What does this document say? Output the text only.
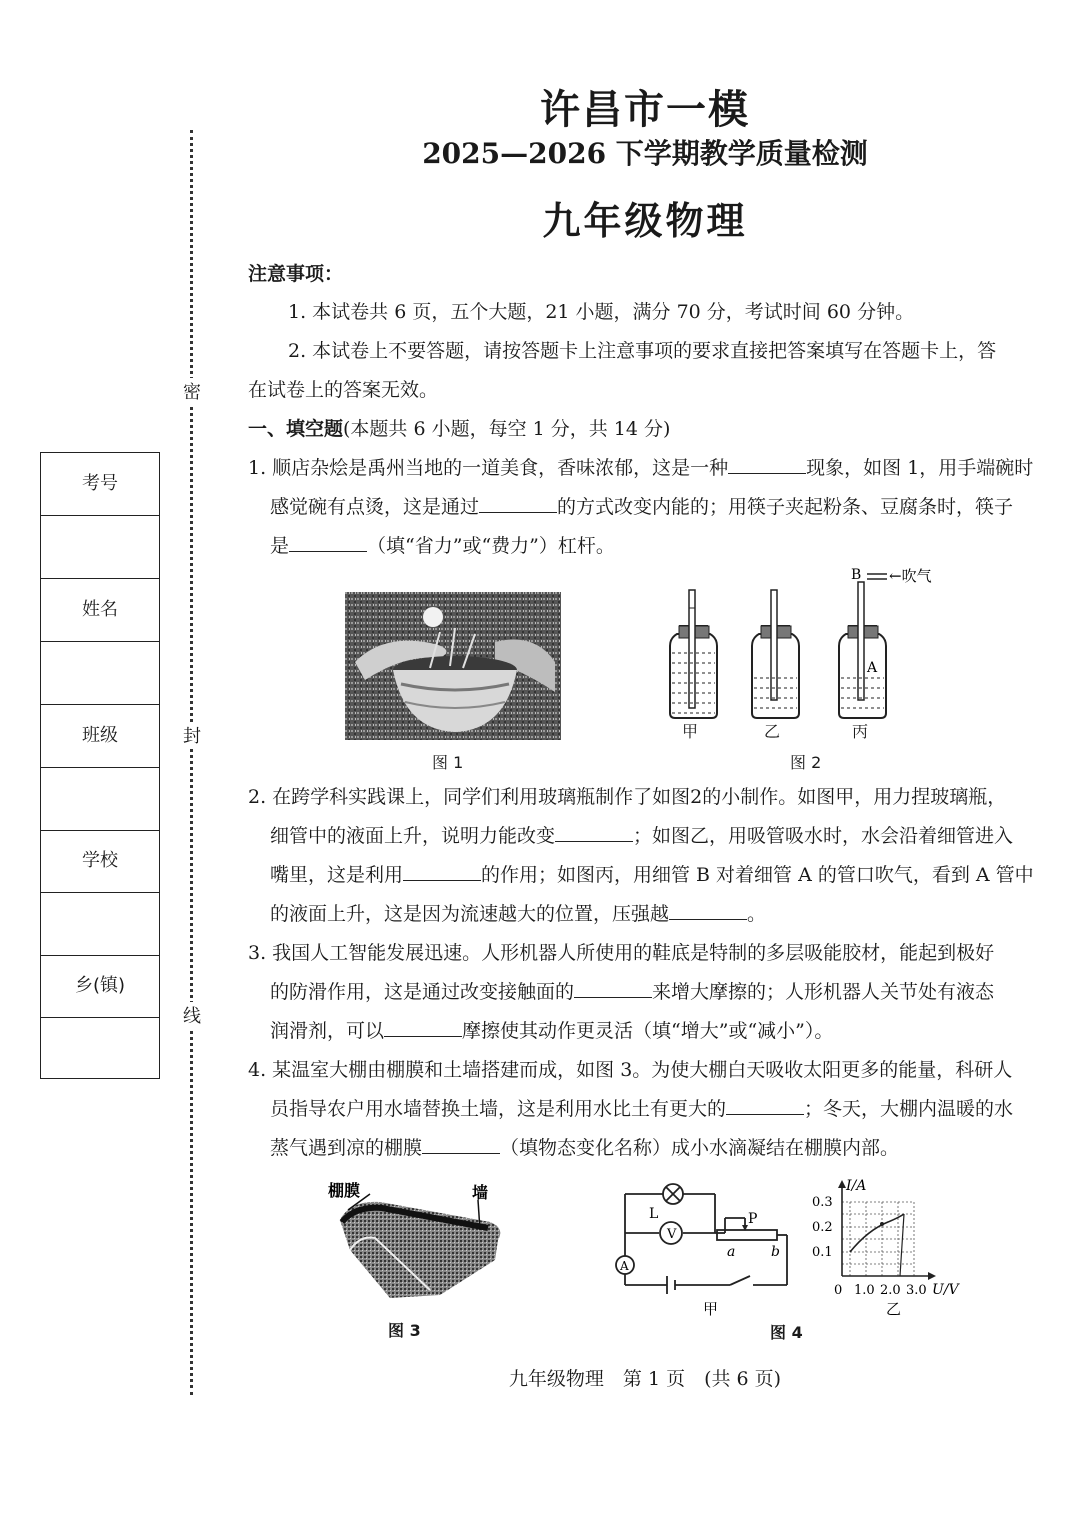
许昌市一模
2025—2026 下学期教学质量检测
九年级物理
密
封
线
考号
姓名
班级
学校
乡(镇)
注意事项：
1. 本试卷共 6 页，五个大题，21 小题，满分 70 分，考试时间 60 分钟。
2. 本试卷上不要答题，请按答题卡上注意事项的要求直接把答案填写在答题卡上，答
在试卷上的答案无效。
一、填空题(本题共 6 小题，每空 1 分，共 14 分)
1. 顺店杂烩是禹州当地的一道美食，香味浓郁，这是一种	现象，如图 1，用手端碗时
感觉碗有点烫，这是通过	的方式改变内能的；用筷子夹起粉条、豆腐条时，筷子
是	（填“省力”或“费力”）杠杆。
图 1
B ←吹气
A
甲	乙	丙
图 2
2. 在跨学科实践课上，同学们利用玻璃瓶制作了如图2的小制作。如图甲，用力捏玻璃瓶，
细管中的液面上升，说明力能改变	；如图乙，用吸管吸水时，水会沿着细管进入
嘴里，这是利用	的作用；如图丙，用细管 B 对着细管 A 的管口吹气，看到 A 管中
的液面上升，这是因为流速越大的位置，压强越	。
3. 我国人工智能发展迅速。人形机器人所使用的鞋底是特制的多层吸能胶材，能起到极好
的防滑作用，这是通过改变接触面的	来增大摩擦的；人形机器人关节处有液态
润滑剂，可以	摩擦使其动作更灵活（填“增大”或“减小”）。
4. 某温室大棚由棚膜和土墙搭建而成，如图 3。为使大棚白天吸收太阳更多的能量，科研人
员指导农户用水墙替换土墙，这是利用水比土有更大的	；冬天，大棚内温暖的水
蒸气遇到凉的棚膜	（填物态变化名称）成小水滴凝结在棚膜内部。
棚膜	墙
图 3
V
A
L	P
a	b
甲
I/A
0.3
0.2
0.1
0 1.0 2.0 3.0 U/V
乙
图 4
九年级物理　第 1 页　(共 6 页)
